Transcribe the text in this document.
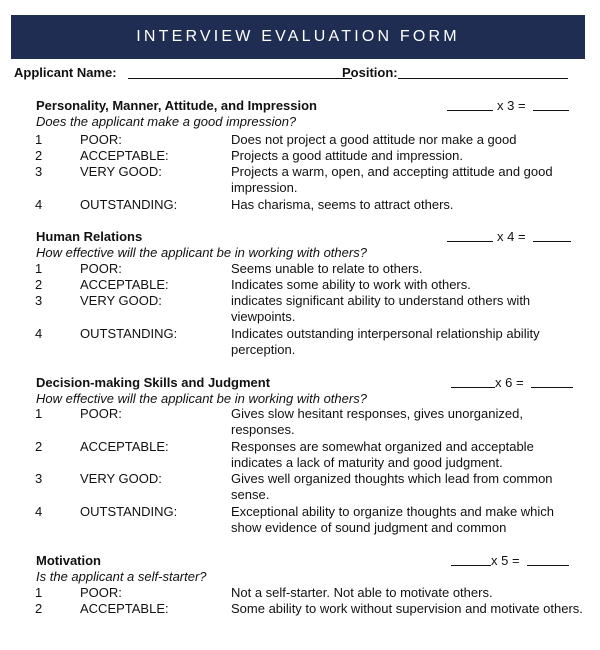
INTERVIEW EVALUATION FORM
Applicant Name:	Position:
Personality, Manner, Attitude, and Impression	x 3 =
Does the applicant make a good impression?
1	POOR:	Does not project a good attitude nor make a good
2	ACCEPTABLE:	Projects a good attitude and impression.
3	VERY GOOD:	Projects a warm, open, and accepting attitude and good impression.
4	OUTSTANDING:	Has charisma, seems to attract others.
Human Relations	x 4 =
How effective will the applicant be in working with others?
1	POOR:	Seems unable to relate to others.
2	ACCEPTABLE:	Indicates some ability to work with others.
3	VERY GOOD:	indicates significant ability to understand others with viewpoints.
4	OUTSTANDING:	Indicates outstanding interpersonal relationship ability perception.
Decision-making Skills and Judgment	x 6 =
How effective will the applicant be in working with others?
1	POOR:	Gives slow hesitant responses, gives unorganized, responses.
2	ACCEPTABLE:	Responses are somewhat organized and acceptable indicates a lack of maturity and good judgment.
3	VERY GOOD:	Gives well organized thoughts which lead from common sense.
4	OUTSTANDING:	Exceptional ability to organize thoughts and make which show evidence of sound judgment and common
Motivation	x 5 =
Is the applicant a self-starter?
1	POOR:	Not a self-starter. Not able to motivate others.
2	ACCEPTABLE:	Some ability to work without supervision and motivate others.
